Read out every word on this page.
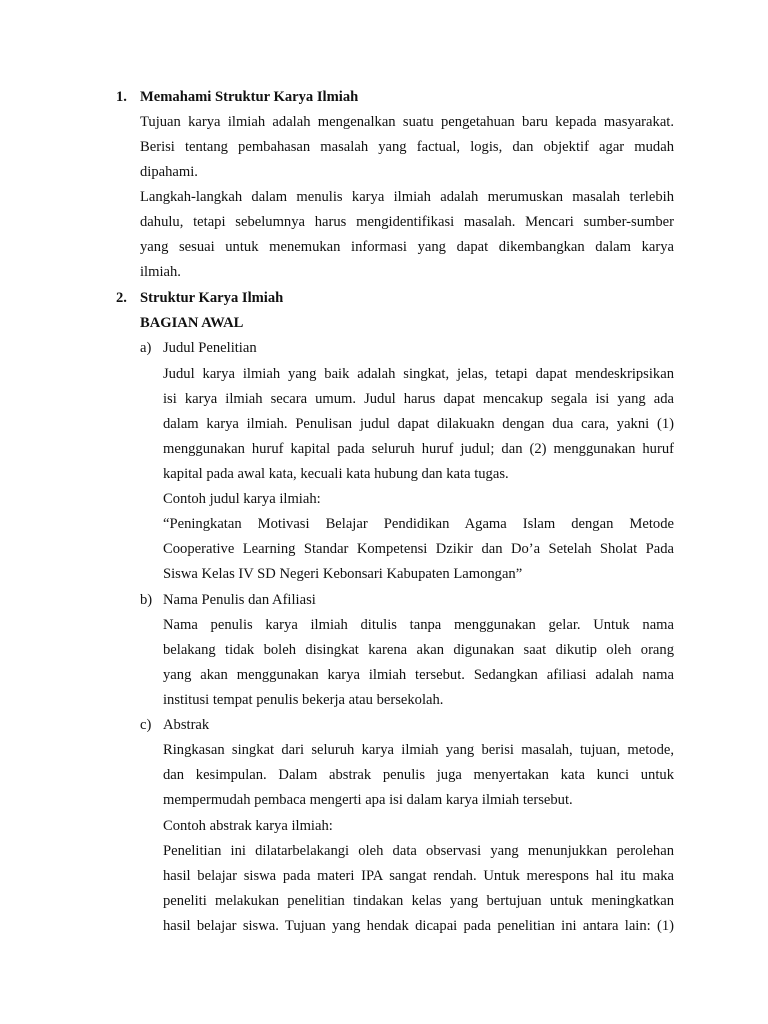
1. Memahami Struktur Karya Ilmiah
Tujuan karya ilmiah adalah mengenalkan suatu pengetahuan baru kepada masyarakat.
Berisi tentang pembahasan masalah yang factual, logis, dan objektif agar mudah
dipahami.
Langkah-langkah dalam menulis karya ilmiah adalah merumuskan masalah terlebih
dahulu, tetapi sebelumnya harus mengidentifikasi masalah. Mencari sumber-sumber
yang sesuai untuk menemukan informasi yang dapat dikembangkan dalam karya
ilmiah.
2. Struktur Karya Ilmiah
BAGIAN AWAL
a) Judul Penelitian
Judul karya ilmiah yang baik adalah singkat, jelas, tetapi dapat mendeskripsikan
isi karya ilmiah secara umum. Judul harus dapat mencakup segala isi yang ada
dalam karya ilmiah. Penulisan judul dapat dilakuakn dengan dua cara, yakni (1)
menggunakan huruf kapital pada seluruh huruf judul; dan (2) menggunakan huruf
kapital pada awal kata, kecuali kata hubung dan kata tugas.
Contoh judul karya ilmiah:
“Peningkatan Motivasi Belajar Pendidikan Agama Islam dengan Metode
Cooperative Learning Standar Kompetensi Dzikir dan Do’a Setelah Sholat Pada
Siswa Kelas IV SD Negeri Kebonsari Kabupaten Lamongan”
b) Nama Penulis dan Afiliasi
Nama penulis karya ilmiah ditulis tanpa menggunakan gelar. Untuk nama
belakang tidak boleh disingkat karena akan digunakan saat dikutip oleh orang
yang akan menggunakan karya ilmiah tersebut. Sedangkan afiliasi adalah nama
institusi tempat penulis bekerja atau bersekolah.
c) Abstrak
Ringkasan singkat dari seluruh karya ilmiah yang berisi masalah, tujuan, metode,
dan kesimpulan. Dalam abstrak penulis juga menyertakan kata kunci untuk
mempermudah pembaca mengerti apa isi dalam karya ilmiah tersebut.
Contoh abstrak karya ilmiah:
Penelitian ini dilatarbelakangi oleh data observasi yang menunjukkan perolehan
hasil belajar siswa pada materi IPA sangat rendah. Untuk merespons hal itu maka
peneliti melakukan penelitian tindakan kelas yang bertujuan untuk meningkatkan
hasil belajar siswa. Tujuan yang hendak dicapai pada penelitian ini antara lain: (1)
